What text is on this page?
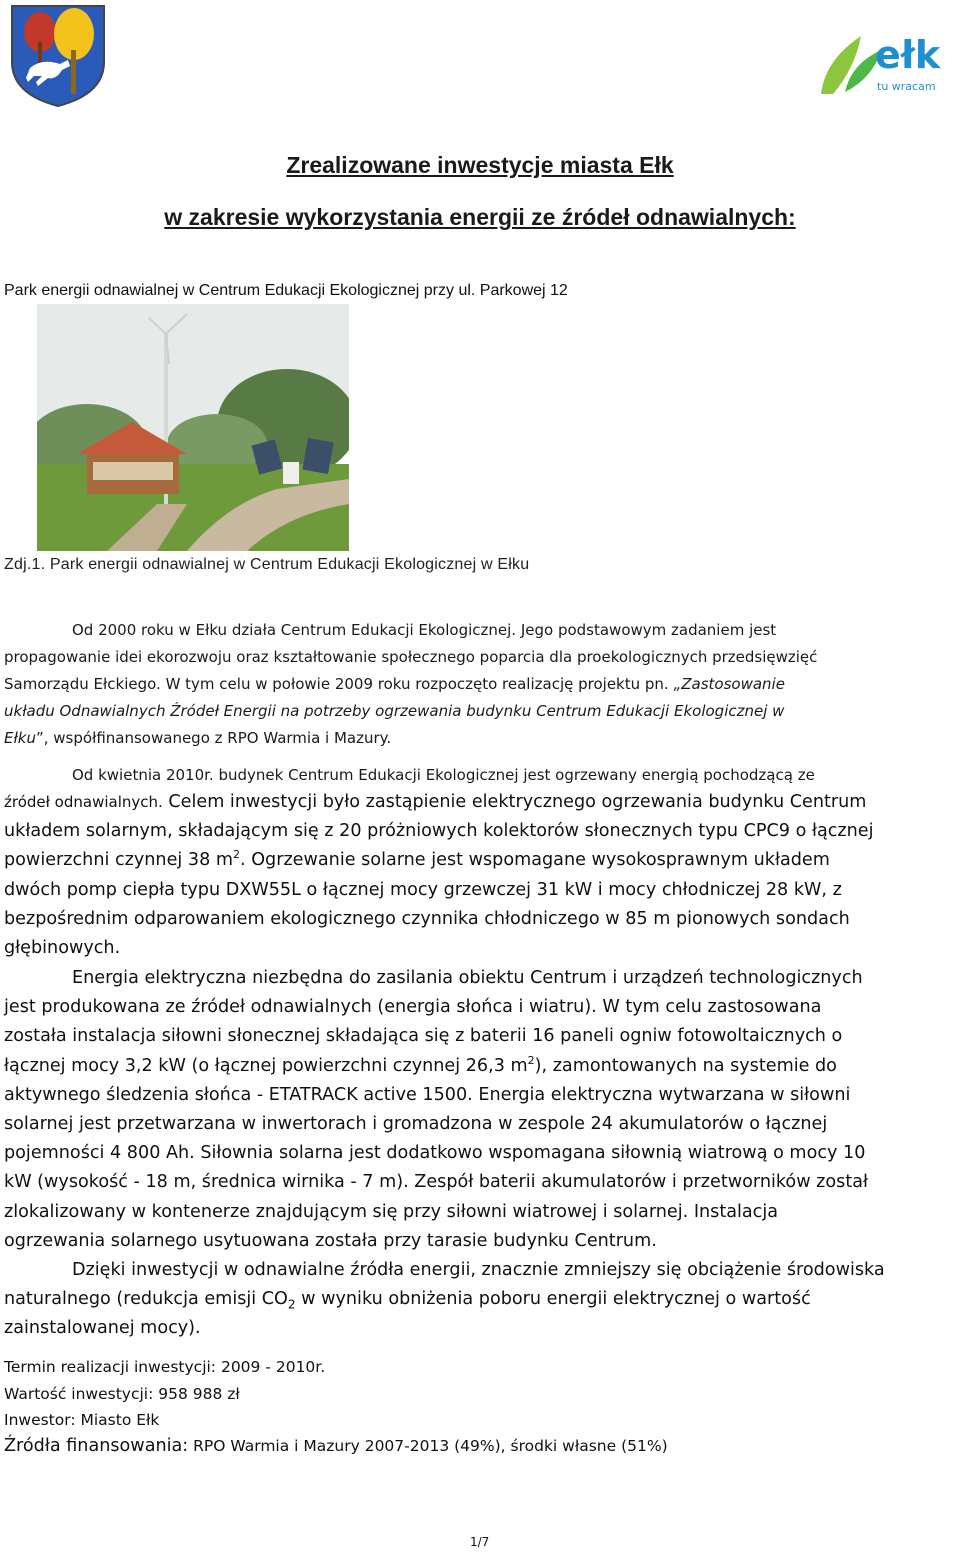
ełk
tu wracam
Zrealizowane inwestycje miasta Ełk
w zakresie wykorzystania energii ze źródeł odnawialnych:
Park energii odnawialnej w Centrum Edukacji Ekologicznej przy ul. Parkowej 12
Zdj.1. Park energii odnawialnej w Centrum Edukacji Ekologicznej w Ełku
Od 2000 roku w Ełku działa Centrum Edukacji Ekologicznej. Jego podstawowym zadaniem jest
propagowanie idei ekorozwoju oraz kształtowanie społecznego poparcia dla proekologicznych przedsięwzięć
Samorządu Ełckiego. W tym celu w połowie 2009 roku rozpoczęto realizację projektu pn. „Zastosowanie
układu Odnawialnych Źródeł Energii na potrzeby ogrzewania budynku Centrum Edukacji Ekologicznej w
Ełku”, współfinansowanego z RPO Warmia i Mazury.
Od kwietnia 2010r. budynek Centrum Edukacji Ekologicznej jest ogrzewany energią pochodzącą ze
źródeł odnawialnych. Celem inwestycji było zastąpienie elektrycznego ogrzewania budynku Centrum
układem solarnym, składającym się z 20 próżniowych kolektorów słonecznych typu CPC9 o łącznej
powierzchni czynnej 38 $m^2$. Ogrzewanie solarne jest wspomagane wysokosprawnym układem
dwóch pomp ciepła typu DXW55L o łącznej mocy grzewczej 31 kW i mocy chłodniczej 28 kW, z
bezpośrednim odparowaniem ekologicznego czynnika chłodniczego w 85 m pionowych sondach
głębinowych.
Energia elektryczna niezbędna do zasilania obiektu Centrum i urządzeń technologicznych
jest produkowana ze źródeł odnawialnych (energia słońca i wiatru). W tym celu zastosowana
została instalacja siłowni słonecznej składająca się z baterii 16 paneli ogniw fotowoltaicznych o
łącznej mocy 3,2 kW (o łącznej powierzchni czynnej 26,3 $m^2$), zamontowanych na systemie do
aktywnego śledzenia słońca - ETATRACK active 1500. Energia elektryczna wytwarzana w siłowni
solarnej jest przetwarzana w inwertorach i gromadzona w zespole 24 akumulatorów o łącznej
pojemności 4 800 Ah. Siłownia solarna jest dodatkowo wspomagana siłownią wiatrową o mocy 10
kW (wysokość - 18 m, średnica wirnika - 7 m). Zespół baterii akumulatorów i przetworników został
zlokalizowany w kontenerze znajdującym się przy siłowni wiatrowej i solarnej. Instalacja
ogrzewania solarnego usytuowana została przy tarasie budynku Centrum.
Dzięki inwestycji w odnawialne źródła energii, znacznie zmniejszy się obciążenie środowiska
naturalnego (redukcja emisji $CO_2$ w wyniku obniżenia poboru energii elektrycznej o wartość
zainstalowanej mocy).
Termin realizacji inwestycji: 2009 - 2010r.
Wartość inwestycji: 958 988 zł
Inwestor: Miasto Ełk
Źródła finansowania: RPO Warmia i Mazury 2007-2013 (49%), środki własne (51%)
1/7
